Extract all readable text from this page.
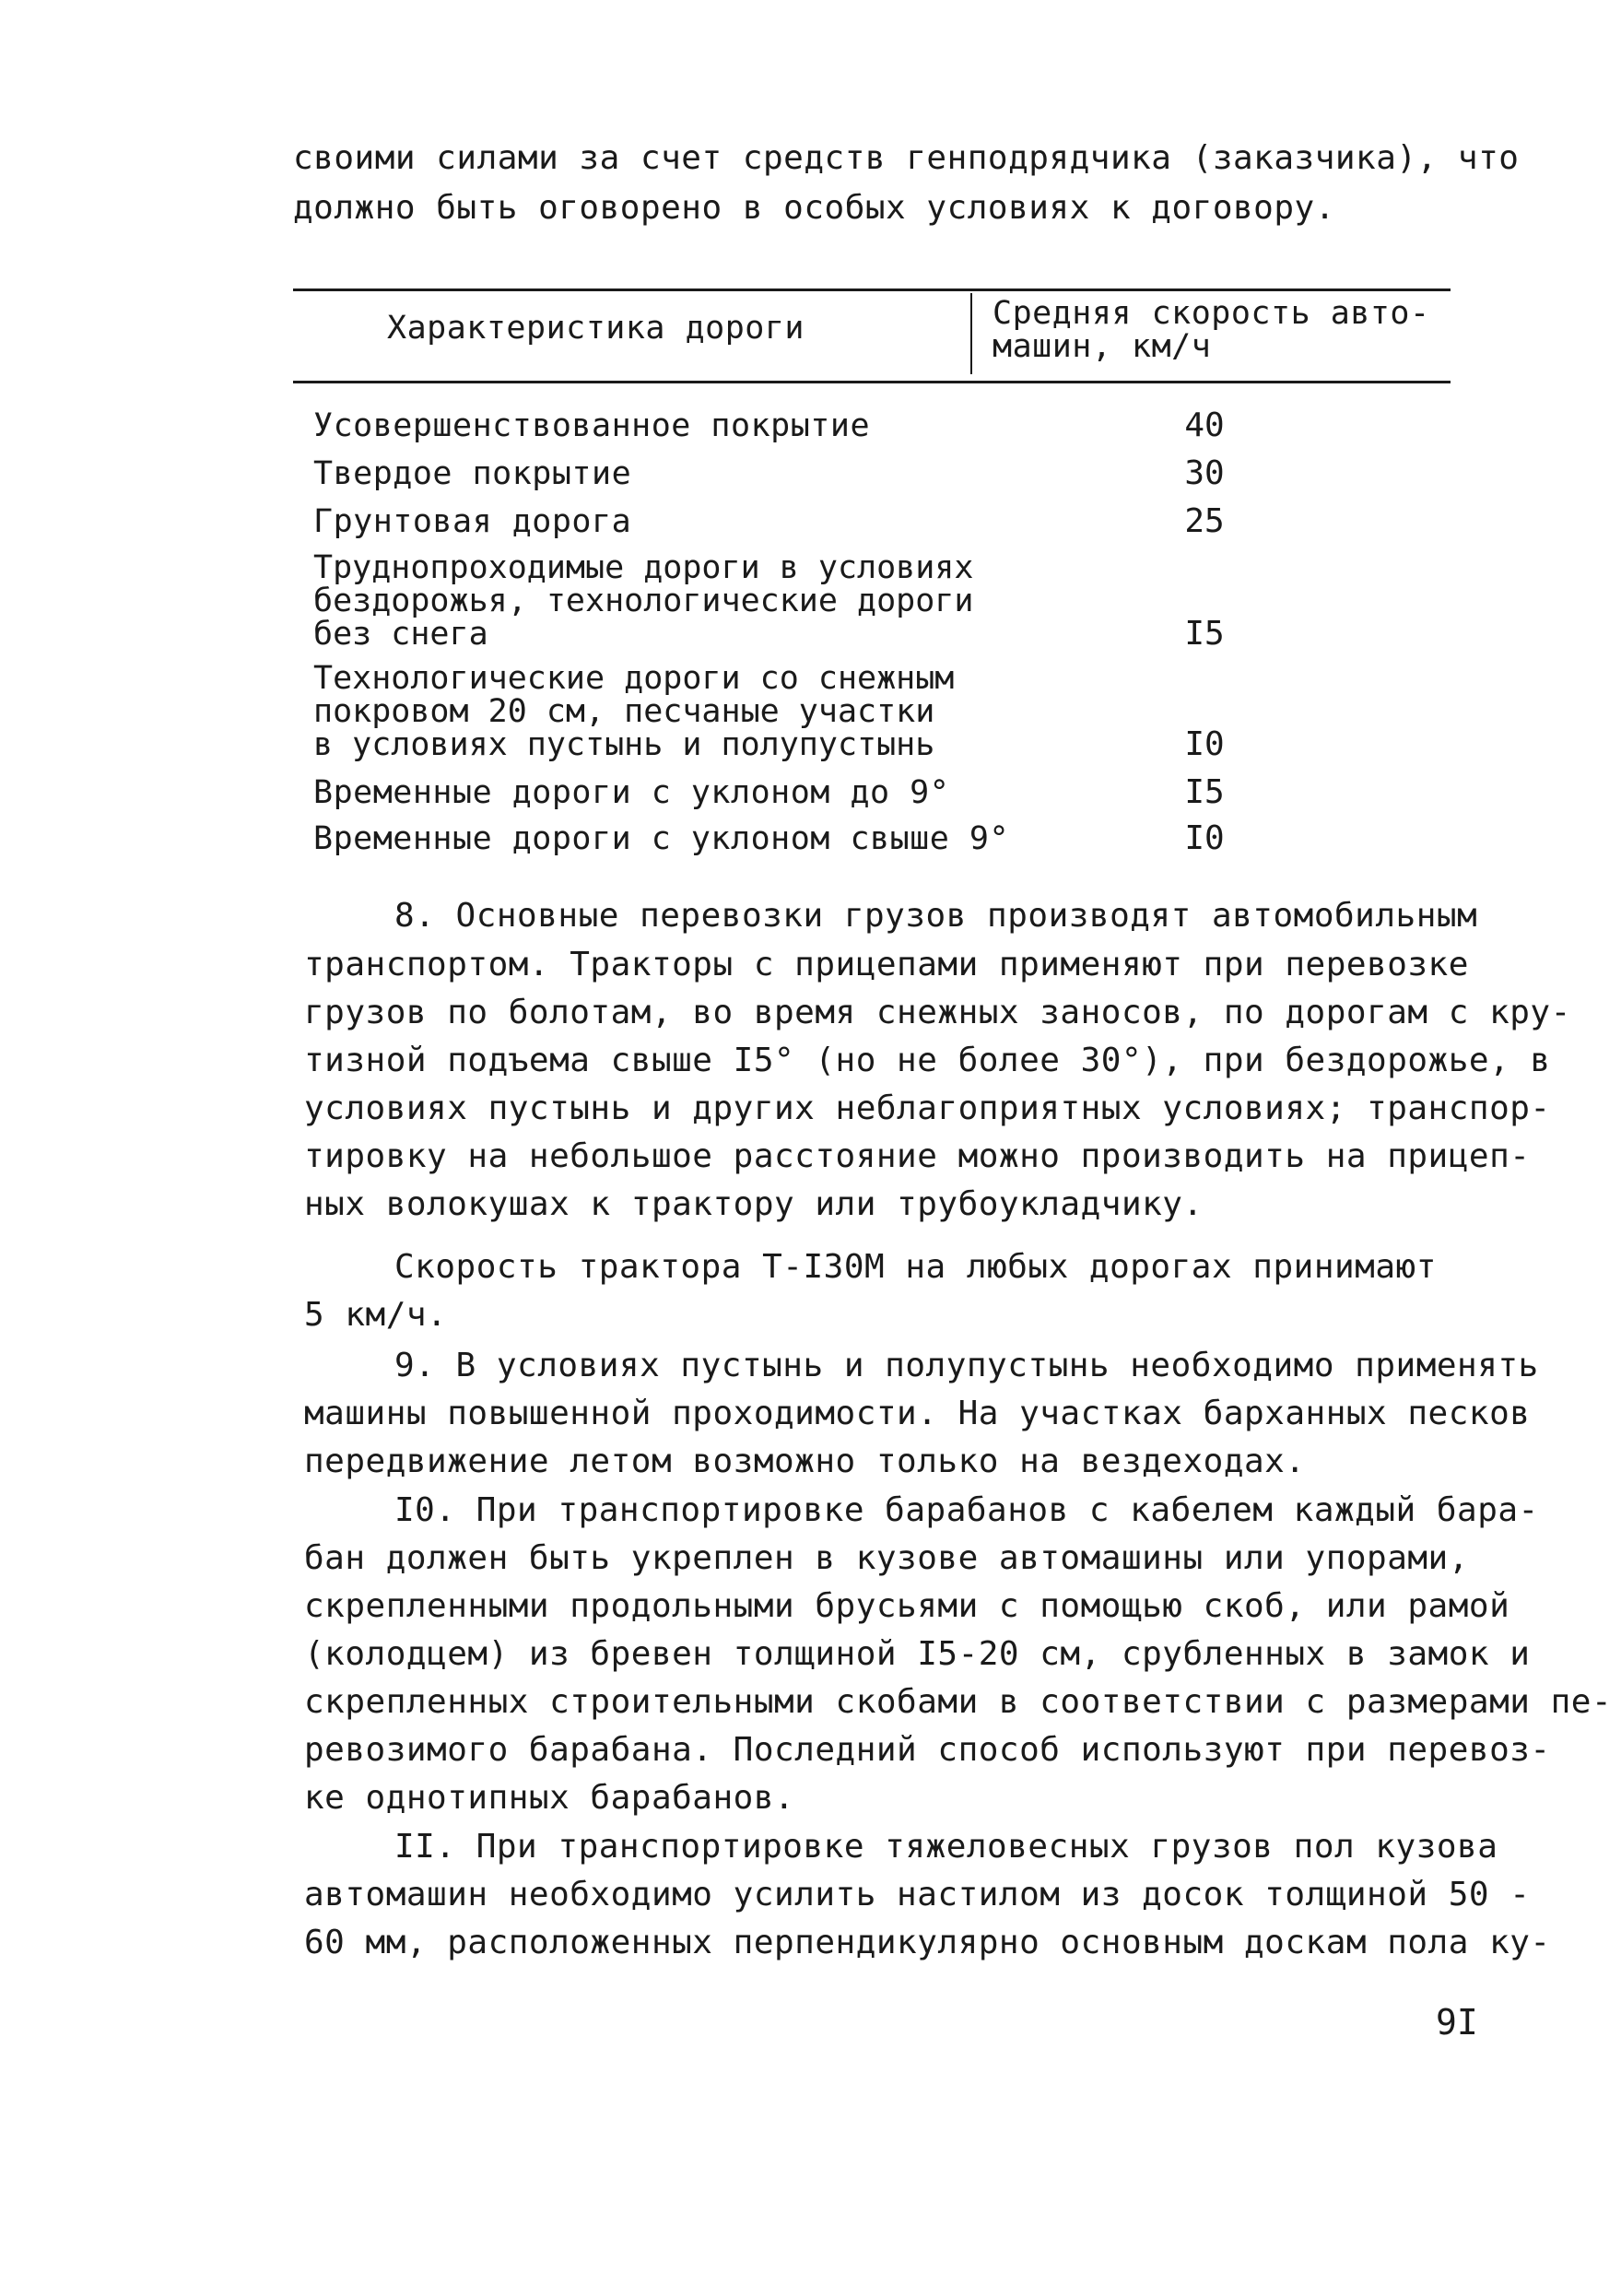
своими силами за счет средств генподрядчика (заказчика), что
должно быть оговорено в особых условиях к договору.
Характеристика дороги	Средняя скорость авто-
машин, км/ч
Усовершенствованное покрытие	40
Твердое покрытие	30
Грунтовая дорога	25
Труднопроходимые дороги в условиях
бездорожья, технологические дороги
без снега	I5
Технологические дороги со снежным
покровом 20 см, песчаные участки
в условиях пустынь и полупустынь	I0
Временные дороги с уклоном до 9°	I5
Временные дороги с уклоном свыше 9°	I0
8. Основные перевозки грузов производят автомобильным
транспортом. Тракторы с прицепами применяют при перевозке
грузов по болотам, во время снежных заносов, по дорогам с кру-
тизной подъема свыше I5° (но не более 30°), при бездорожье, в
условиях пустынь и других неблагоприятных условиях; транспор-
тировку на небольшое расстояние можно производить на прицеп-
ных волокушах к трактору или трубоукладчику.
Скорость трактора Т-I30М на любых дорогах принимают
5 км/ч.
9. В условиях пустынь и полупустынь необходимо применять
машины повышенной проходимости. На участках барханных песков
передвижение летом возможно только на вездеходах.
I0. При транспортировке барабанов с кабелем каждый бара-
бан должен быть укреплен в кузове автомашины или упорами,
скрепленными продольными брусьями с помощью скоб, или рамой
(колодцем) из бревен толщиной I5-20 см, срубленных в замок и
скрепленных строительными скобами в соответствии с размерами пе-
ревозимого барабана. Последний способ используют при перевоз-
ке однотипных барабанов.
II. При транспортировке тяжеловесных грузов пол кузова
автомашин необходимо усилить настилом из досок толщиной 50 -
60 мм, расположенных перпендикулярно основным доскам пола ку-
9I
